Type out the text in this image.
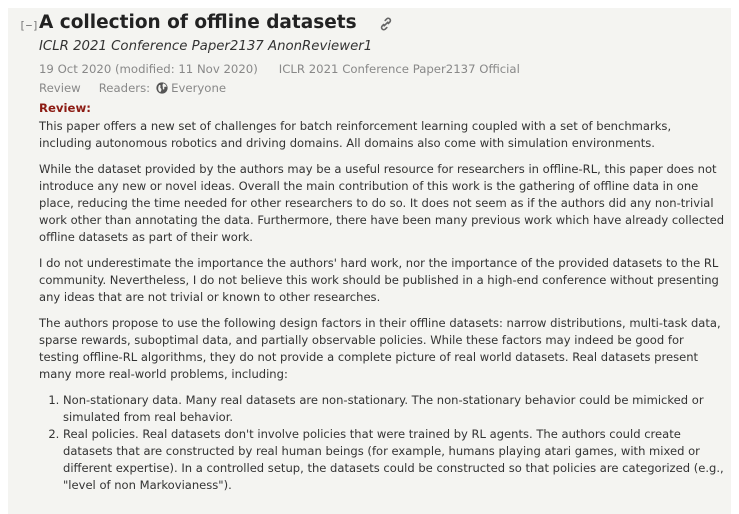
[−] A collection of offline datasets
ICLR 2021 Conference Paper2137 AnonReviewer1
19 Oct 2020 (modified: 11 Nov 2020) ICLR 2021 Conference Paper2137 Official
Review Readers: Everyone
Review:

This paper offers a new set of challenges for batch reinforcement learning coupled with a set of benchmarks, including autonomous robotics and driving domains. All domains also come with simulation environments.

While the dataset provided by the authors may be a useful resource for researchers in offline-RL, this paper does not introduce any new or novel ideas. Overall the main contribution of this work is the gathering of offline data in one place, reducing the time needed for other researchers to do so. It does not seem as if the authors did any non-trivial work other than annotating the data. Furthermore, there have been many previous work which have already collected offline datasets as part of their work.

I do not underestimate the importance the authors' hard work, nor the importance of the provided datasets to the RL community. Nevertheless, I do not believe this work should be published in a high-end conference without presenting any ideas that are not trivial or known to other researches.

The authors propose to use the following design factors in their offline datasets: narrow distributions, multi-task data, sparse rewards, suboptimal data, and partially observable policies. While these factors may indeed be good for testing offline-RL algorithms, they do not provide a complete picture of real world datasets. Real datasets present many more real-world problems, including:

1. Non-stationary data. Many real datasets are non-stationary. The non-stationary behavior could be mimicked or simulated from real behavior.
2. Real policies. Real datasets don't involve policies that were trained by RL agents. The authors could create datasets that are constructed by real human beings (for example, humans playing atari games, with mixed or different expertise). In a controlled setup, the datasets could be constructed so that policies are categorized (e.g., "level of non Markovianess").
